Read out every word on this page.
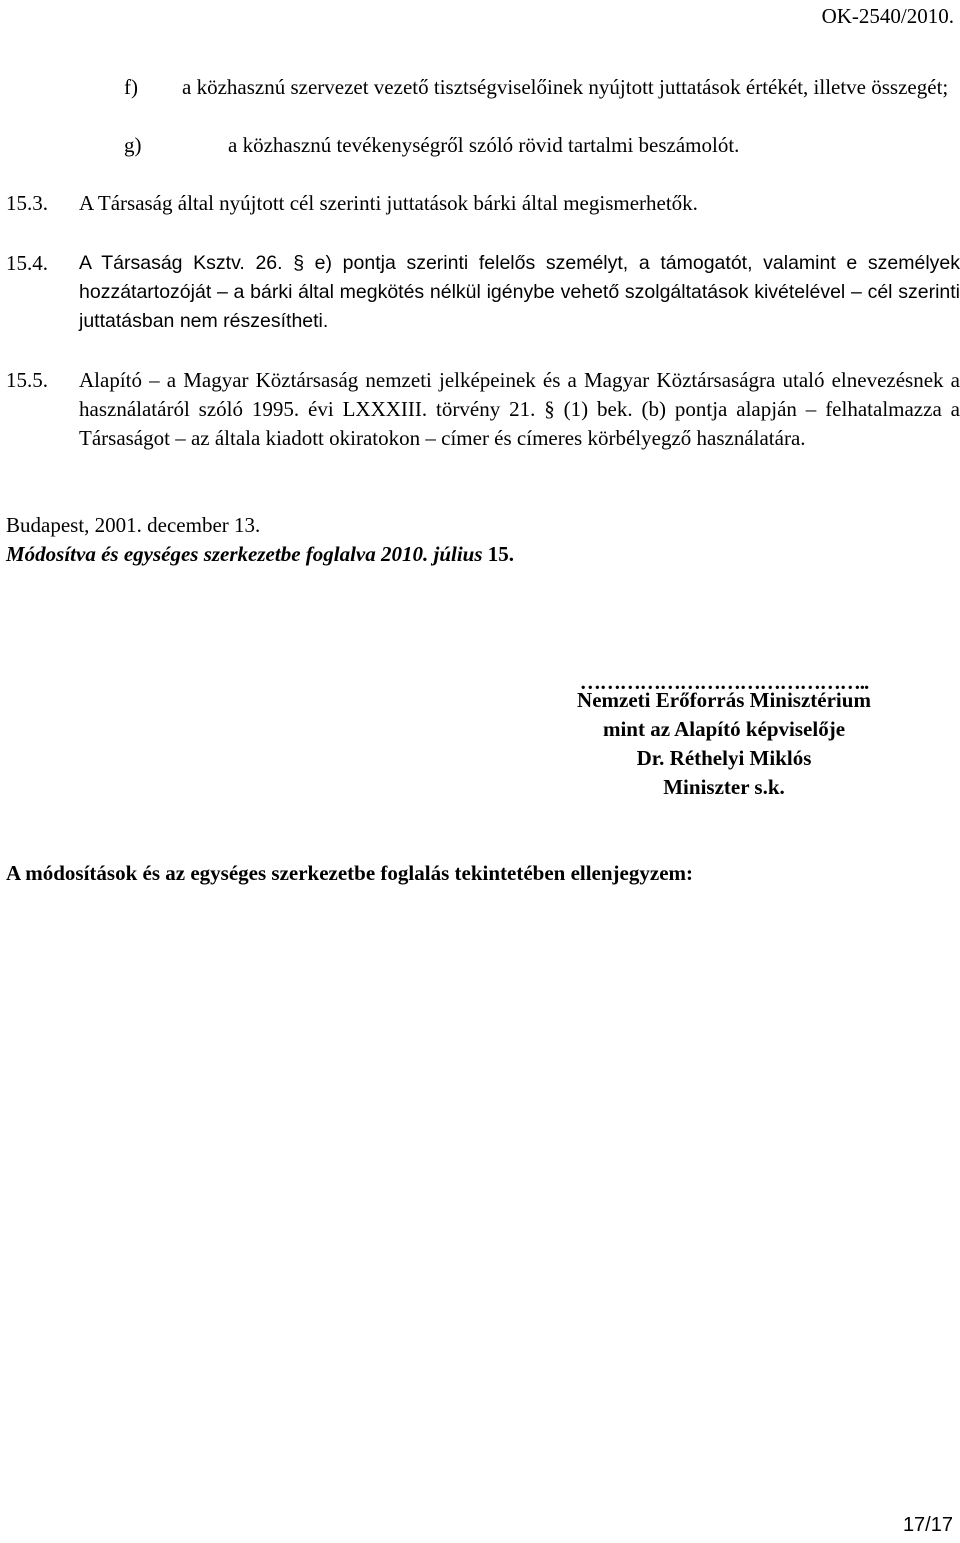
OK-2540/2010.
f) a közhasznú szervezet vezető tisztségviselőinek nyújtott juttatások értékét, illetve összegét;
g)	a közhasznú tevékenységről szóló rövid tartalmi beszámolót.
15.3. A Társaság által nyújtott cél szerinti juttatások bárki által megismerhetők.
15.4. A Társaság Ksztv. 26. § e) pontja szerinti felelős személyt, a támogatót, valamint e személyek hozzátartozóját – a bárki által megkötés nélkül igénybe vehető szolgáltatások kivételével – cél szerinti juttatásban nem részesítheti.
15.5. Alapító – a Magyar Köztársaság nemzeti jelképeinek és a Magyar Köztársaságra utaló elnevezésnek a használatáról szóló 1995. évi LXXXIII. törvény 21. § (1) bek. (b) pontja alapján – felhatalmazza a Társaságot – az általa kiadott okiratokon – címer és címeres körbélyegző használatára.
Budapest, 2001. december 13.
Módosítva és egységes szerkezetbe foglalva 2010. július 15.
……………………………………..
Nemzeti Erőforrás Minisztérium
mint az Alapító képviselője
Dr. Réthelyi Miklós
Miniszter s.k.
A módosítások és az egységes szerkezetbe foglalás tekintetében ellenjegyzem:
17/17
